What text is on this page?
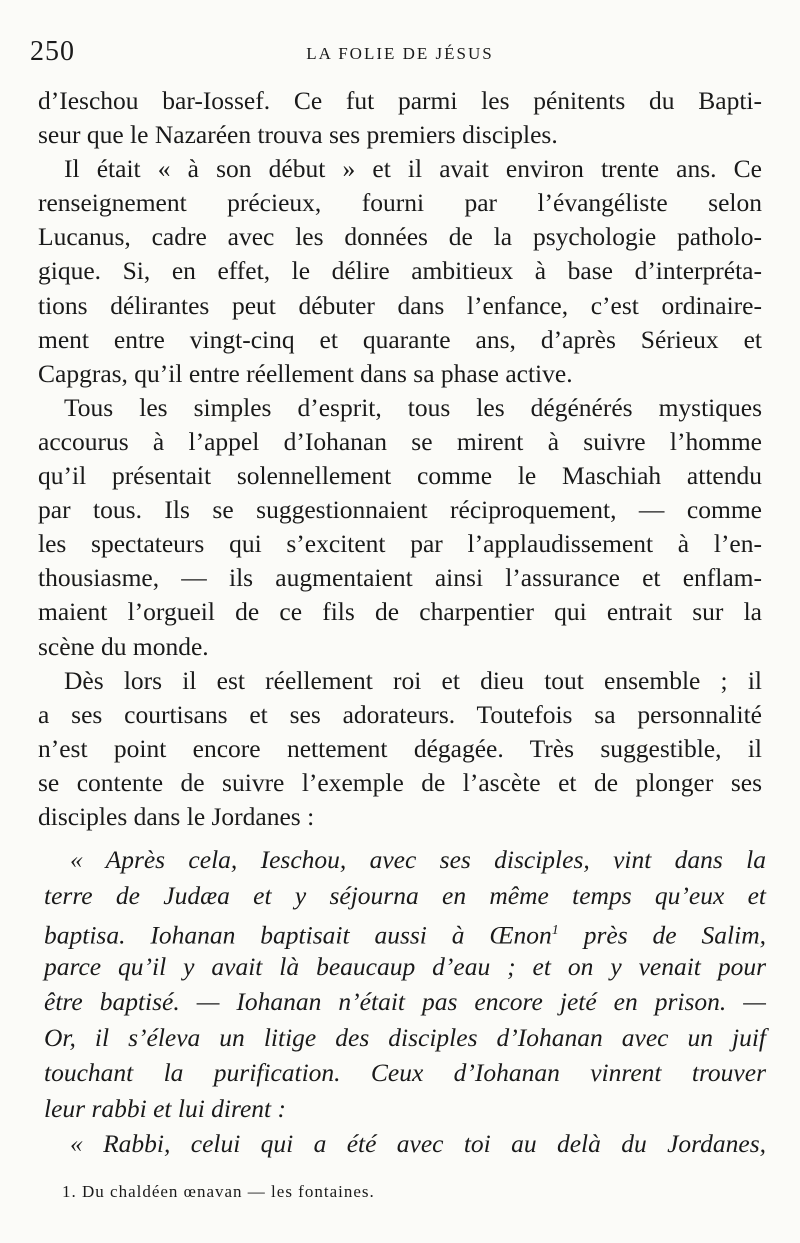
250	LA FOLIE DE JÉSUS
d’Ieschou bar-Iossef. Ce fut parmi les pénitents du Bapti-
seur que le Nazaréen trouva ses premiers disciples.
Il était « à son début » et il avait environ trente ans. Ce
renseignement précieux, fourni par l’évangéliste selon
Lucanus, cadre avec les données de la psychologie patholo-
gique. Si, en effet, le délire ambitieux à base d’interpréta-
tions délirantes peut débuter dans l’enfance, c’est ordinaire-
ment entre vingt-cinq et quarante ans, d’après Sérieux et
Capgras, qu’il entre réellement dans sa phase active.
Tous les simples d’esprit, tous les dégénérés mystiques
accourus à l’appel d’Iohanan se mirent à suivre l’homme
qu’il présentait solennellement comme le Maschiah attendu
par tous. Ils se suggestionnaient réciproquement, — comme
les spectateurs qui s’excitent par l’applaudissement à l’en-
thousiasme, — ils augmentaient ainsi l’assurance et enflam-
maient l’orgueil de ce fils de charpentier qui entrait sur la
scène du monde.
Dès lors il est réellement roi et dieu tout ensemble ; il
a ses courtisans et ses adorateurs. Toutefois sa personnalité
n’est point encore nettement dégagée. Très suggestible, il
se contente de suivre l’exemple de l’ascète et de plonger ses
disciples dans le Jordanes :
« Après cela, Ieschou, avec ses disciples, vint dans la
terre de Judæa et y séjourna en même temps qu’eux et
baptisa. Iohanan baptisait aussi à Œnon$^1$ près de Salim,
parce qu’il y avait là beaucaup d’eau ; et on y venait pour
être baptisé. — Iohanan n’était pas encore jeté en prison. —
Or, il s’éleva un litige des disciples d’Iohanan avec un juif
touchant la purification. Ceux d’Iohanan vinrent trouver
leur rabbi et lui dirent :
« Rabbi, celui qui a été avec toi au delà du Jordanes,
1. Du chaldéen œnavan — les fontaines.
